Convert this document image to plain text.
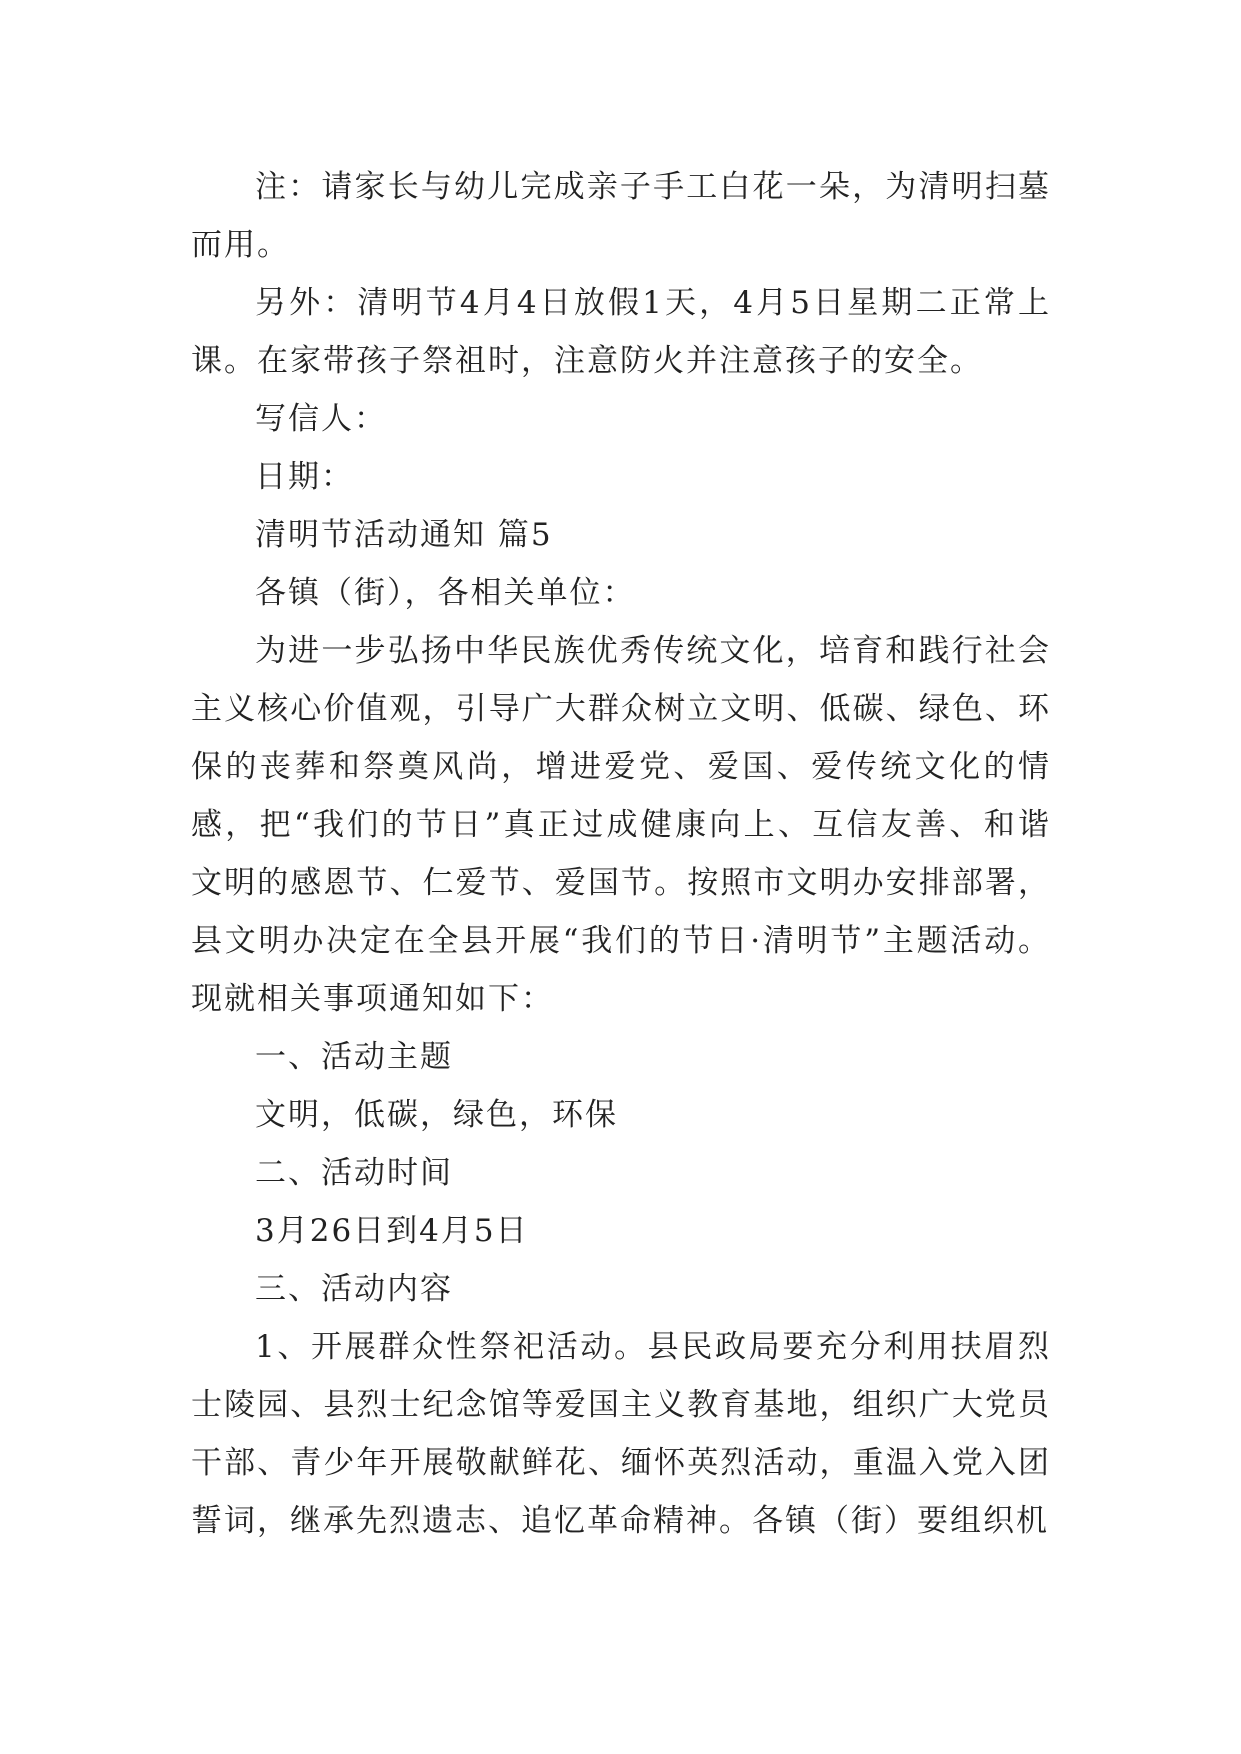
注：请家长与幼儿完成亲子手工白花一朵，为清明扫墓而用。

另外：清明节4月4日放假1天，4月5日星期二正常上课。在家带孩子祭祖时，注意防火并注意孩子的安全。

写信人：

日期：

清明节活动通知 篇5

各镇（街），各相关单位：

为进一步弘扬中华民族优秀传统文化，培育和践行社会主义核心价值观，引导广大群众树立文明、低碳、绿色、环保的丧葬和祭奠风尚，增进爱党、爱国、爱传统文化的情感，把“我们的节日”真正过成健康向上、互信友善、和谐文明的感恩节、仁爱节、爱国节。按照市文明办安排部署，县文明办决定在全县开展“我们的节日·清明节”主题活动。现就相关事项通知如下：

一、活动主题

文明，低碳，绿色，环保

二、活动时间

3月26日到4月5日

三、活动内容

1、开展群众性祭祀活动。县民政局要充分利用扶眉烈士陵园、县烈士纪念馆等爱国主义教育基地，组织广大党员干部、青少年开展敬献鲜花、缅怀英烈活动，重温入党入团誓词，继承先烈遗志、追忆革命精神。各镇（街）要组织机
